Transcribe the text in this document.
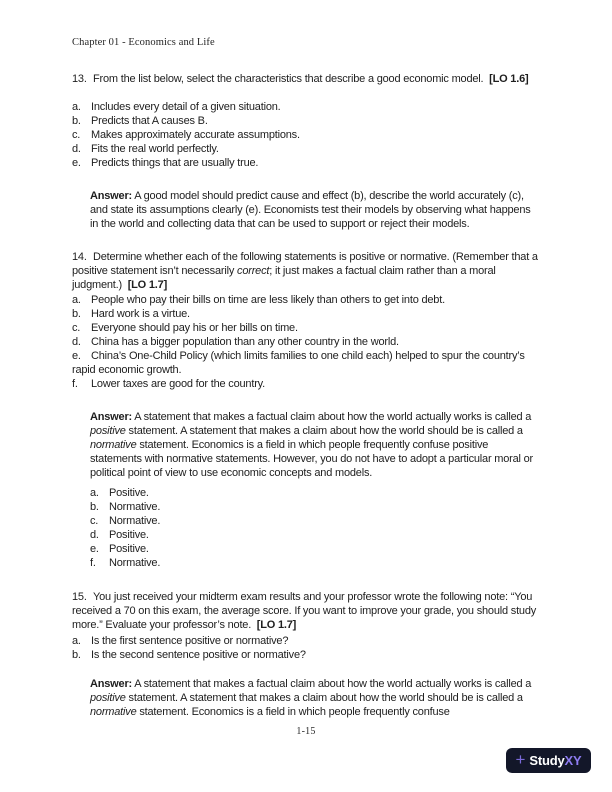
Chapter 01 - Economics and Life
13. From the list below, select the characteristics that describe a good economic model.  [LO 1.6]
a. Includes every detail of a given situation.
b. Predicts that A causes B.
c. Makes approximately accurate assumptions.
d. Fits the real world perfectly.
e. Predicts things that are usually true.
Answer: A good model should predict cause and effect (b), describe the world accurately (c), and state its assumptions clearly (e). Economists test their models by observing what happens in the world and collecting data that can be used to support or reject their models.
14. Determine whether each of the following statements is positive or normative. (Remember that a positive statement isn’t necessarily correct; it just makes a factual claim rather than a moral judgment.)  [LO 1.7]
a. People who pay their bills on time are less likely than others to get into debt.
b. Hard work is a virtue.
c. Everyone should pay his or her bills on time.
d. China has a bigger population than any other country in the world.
e. China’s One-Child Policy (which limits families to one child each) helped to spur the country’s rapid economic growth.
f. Lower taxes are good for the country.
Answer: A statement that makes a factual claim about how the world actually works is called a positive statement. A statement that makes a claim about how the world should be is called a normative statement. Economics is a field in which people frequently confuse positive statements with normative statements. However, you do not have to adopt a particular moral or political point of view to use economic concepts and models.
a. Positive.
b. Normative.
c. Normative.
d. Positive.
e. Positive.
f. Normative.
15. You just received your midterm exam results and your professor wrote the following note: “You received a 70 on this exam, the average score. If you want to improve your grade, you should study more.” Evaluate your professor’s note.  [LO 1.7]
a. Is the first sentence positive or normative?
b. Is the second sentence positive or normative?
Answer: A statement that makes a factual claim about how the world actually works is called a positive statement. A statement that makes a claim about how the world should be is called a normative statement. Economics is a field in which people frequently confuse
1-15
+ StudyXY
